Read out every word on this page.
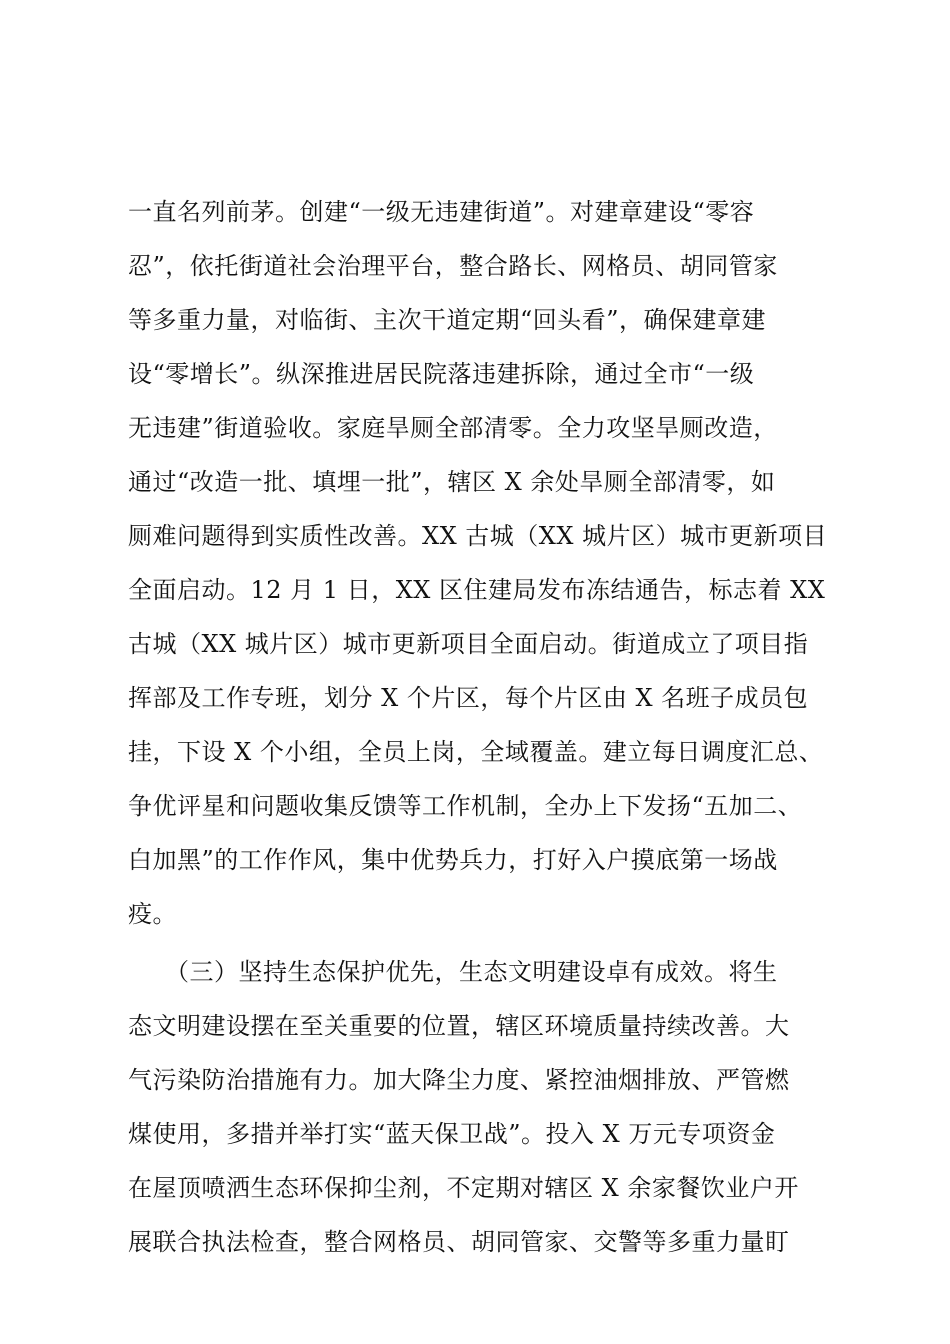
一直名列前茅。创建“一级无违建街道”。对建章建设“零容
忍”，依托街道社会治理平台，整合路长、网格员、胡同管家
等多重力量，对临街、主次干道定期“回头看”，确保建章建
设“零增长”。纵深推进居民院落违建拆除，通过全市“一级
无违建”街道验收。家庭旱厕全部清零。全力攻坚旱厕改造，
通过“改造一批、填埋一批”，辖区 X 余处旱厕全部清零，如
厕难问题得到实质性改善。XX 古城（XX 城片区）城市更新项目
全面启动。12 月 1 日，XX 区住建局发布冻结通告，标志着 XX
古城（XX 城片区）城市更新项目全面启动。街道成立了项目指
挥部及工作专班，划分 X 个片区，每个片区由 X 名班子成员包
挂，下设 X 个小组，全员上岗，全域覆盖。建立每日调度汇总、
争优评星和问题收集反馈等工作机制，全办上下发扬“五加二、
白加黑”的工作作风，集中优势兵力，打好入户摸底第一场战
疫。
　　（三）坚持生态保护优先，生态文明建设卓有成效。将生
态文明建设摆在至关重要的位置，辖区环境质量持续改善。大
气污染防治措施有力。加大降尘力度、紧控油烟排放、严管燃
煤使用，多措并举打实“蓝天保卫战”。投入 X 万元专项资金
在屋顶喷洒生态环保抑尘剂，不定期对辖区 X 余家餐饮业户开
展联合执法检查，整合网格员、胡同管家、交警等多重力量盯
